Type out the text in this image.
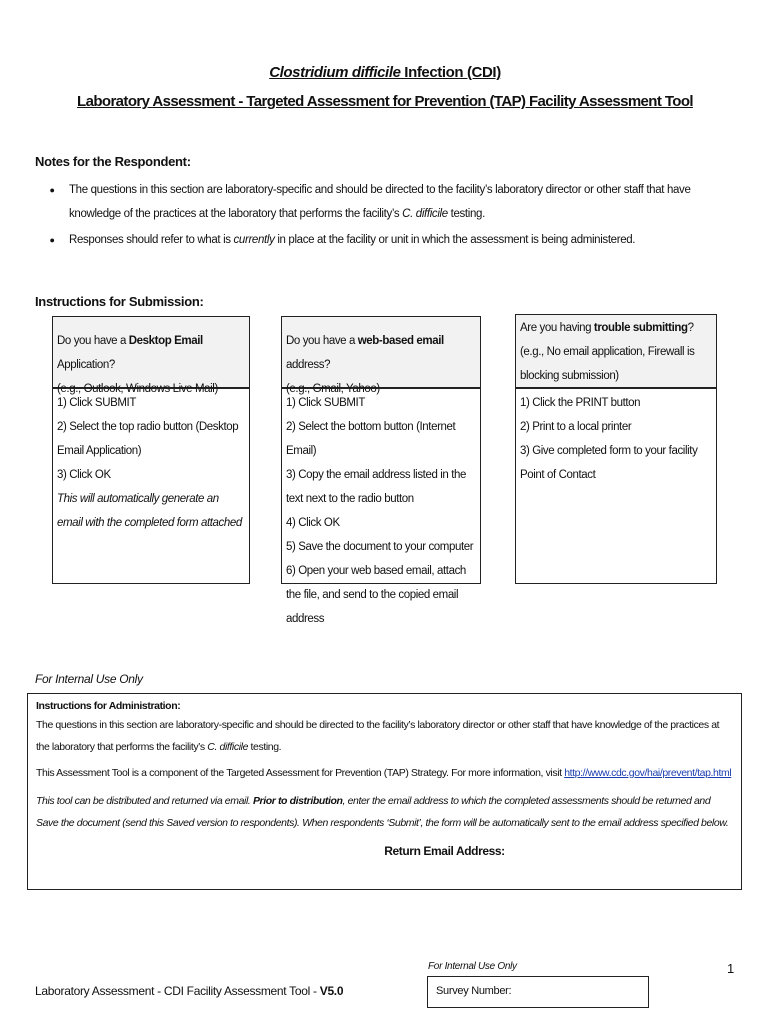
Clostridium difficile Infection (CDI)
Laboratory Assessment - Targeted Assessment for Prevention (TAP) Facility Assessment Tool
Notes for the Respondent:
●	The questions in this section are laboratory-specific and should be directed to the facility’s laboratory director or other staff that have knowledge of the practices at the laboratory that performs the facility’s C. difficile testing.
●	Responses should refer to what is currently in place at the facility or unit in which the assessment is being administered.
Instructions for Submission:
Do you have a Desktop Email Application?
(e.g., Outlook, Windows Live Mail)
1) Click SUBMIT
2) Select the top radio button (Desktop Email Application)
3) Click OK
This will automatically generate an email with the completed form attached
Do you have a web-based email address?
(e.g., Gmail, Yahoo)
1) Click SUBMIT
2) Select the bottom button (Internet Email)
3) Copy the email address listed in the text next to the radio button
4) Click OK
5) Save the document to your computer
6) Open your web based email, attach the file, and send to the copied email address
Are you having trouble submitting?
(e.g., No email application, Firewall is blocking submission)
1) Click the PRINT button
2) Print to a local printer
3) Give completed form to your facility Point of Contact
For Internal Use Only
Instructions for Administration:
The questions in this section are laboratory-specific and should be directed to the facility’s laboratory director or other staff that have knowledge of the practices at the laboratory that performs the facility’s C. difficile testing.
This Assessment Tool is a component of the Targeted Assessment for Prevention (TAP) Strategy. For more information, visit http://www.cdc.gov/hai/prevent/tap.html
This tool can be distributed and returned via email. Prior to distribution, enter the email address to which the completed assessments should be returned and Save the document (send this Saved version to respondents). When respondents ‘Submit’, the form will be automatically sent to the email address specified below.
Return Email Address:
For Internal Use Only	1
Laboratory Assessment - CDI Facility Assessment Tool - V5.0	Survey Number:
